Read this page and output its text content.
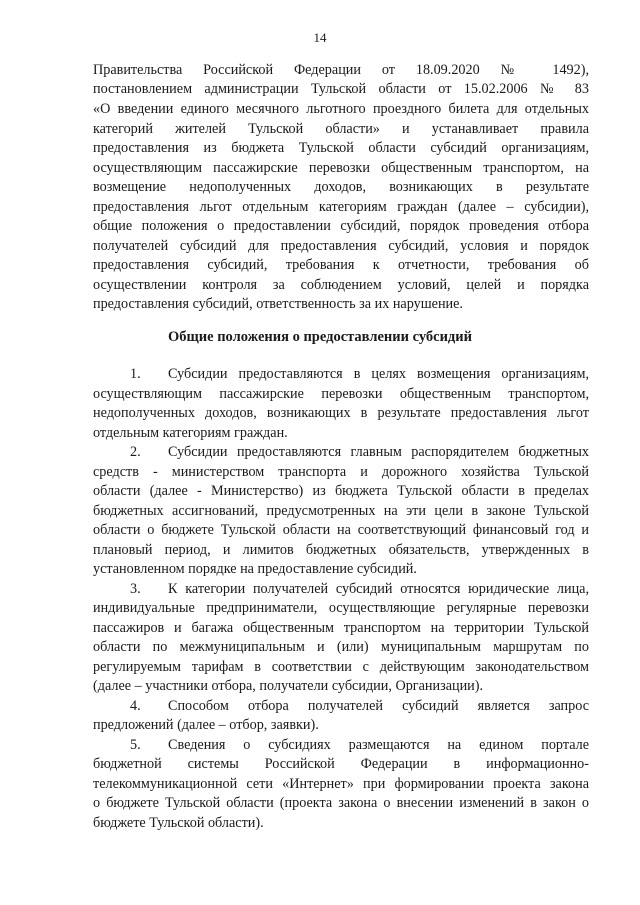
14
Правительства Российской Федерации от 18.09.2020 № 1492),
постановлением администрации Тульской области от 15.02.2006 № 83
«О введении единого месячного льготного проездного билета для отдельных
категорий жителей Тульской области» и устанавливает правила
предоставления из бюджета Тульской области субсидий организациям,
осуществляющим пассажирские перевозки общественным транспортом, на
возмещение недополученных доходов, возникающих в результате
предоставления льгот отдельным категориям граждан (далее – субсидии),
общие положения о предоставлении субсидий, порядок проведения отбора
получателей субсидий для предоставления субсидий, условия и порядок
предоставления субсидий, требования к отчетности, требования об
осуществлении контроля за соблюдением условий, целей и порядка
предоставления субсидий, ответственность за их нарушение.
Общие положения о предоставлении субсидий
1. Субсидии предоставляются в целях возмещения организациям,
осуществляющим пассажирские перевозки общественным транспортом,
недополученных доходов, возникающих в результате предоставления льгот
отдельным категориям граждан.
2. Субсидии предоставляются главным распорядителем бюджетных
средств - министерством транспорта и дорожного хозяйства Тульской
области (далее - Министерство) из бюджета Тульской области в пределах
бюджетных ассигнований, предусмотренных на эти цели в законе Тульской
области о бюджете Тульской области на соответствующий финансовый год и
плановый период, и лимитов бюджетных обязательств, утвержденных в
установленном порядке на предоставление субсидий.
3. К категории получателей субсидий относятся юридические лица,
индивидуальные предприниматели, осуществляющие регулярные перевозки
пассажиров и багажа общественным транспортом на территории Тульской
области по межмуниципальным и (или) муниципальным маршрутам по
регулируемым тарифам в соответствии с действующим законодательством
(далее – участники отбора, получатели субсидии, Организации).
4. Способом отбора получателей субсидий является запрос
предложений (далее – отбор, заявки).
5. Сведения о субсидиях размещаются на едином портале
бюджетной системы Российской Федерации в информационно-
телекоммуникационной сети «Интернет» при формировании проекта закона
о бюджете Тульской области (проекта закона о внесении изменений в закон о
бюджете Тульской области).
